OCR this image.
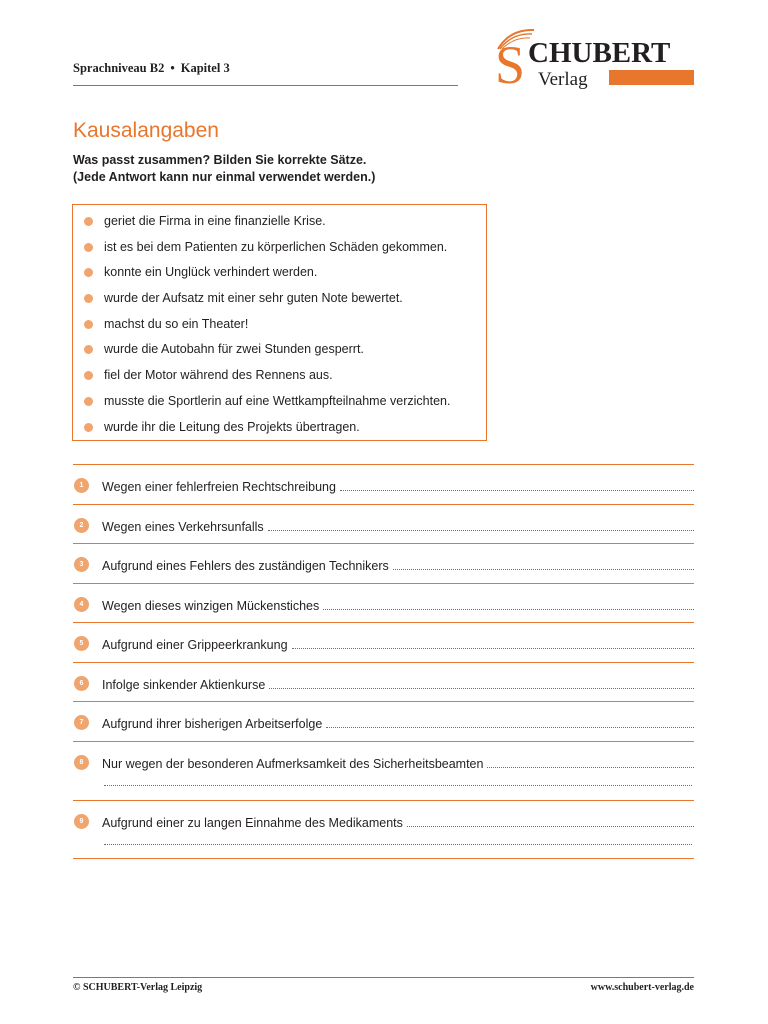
Sprachniveau B2 • Kapitel 3	S CHUBERT
Verlag
Kausalangaben
Was passt zusammen? Bilden Sie korrekte Sätze.
(Jede Antwort kann nur einmal verwendet werden.)
geriet die Firma in eine finanzielle Krise.
ist es bei dem Patienten zu körperlichen Schäden gekommen.
konnte ein Unglück verhindert werden.
wurde der Aufsatz mit einer sehr guten Note bewertet.
machst du so ein Theater!
wurde die Autobahn für zwei Stunden gesperrt.
fiel der Motor während des Rennens aus.
musste die Sportlerin auf eine Wettkampfteilnahme verzichten.
wurde ihr die Leitung des Projekts übertragen.
1	Wegen einer fehlerfreien Rechtschreibung
2	Wegen eines Verkehrsunfalls
3	Aufgrund eines Fehlers des zuständigen Technikers
4	Wegen dieses winzigen Mückenstiches
5	Aufgrund einer Grippeerkrankung
6	Infolge sinkender Aktienkurse
7	Aufgrund ihrer bisherigen Arbeitserfolge
8	Nur wegen der besonderen Aufmerksamkeit des Sicherheitsbeamten
9	Aufgrund einer zu langen Einnahme des Medikaments
© SCHUBERT-Verlag Leipzig	www.schubert-verlag.de
